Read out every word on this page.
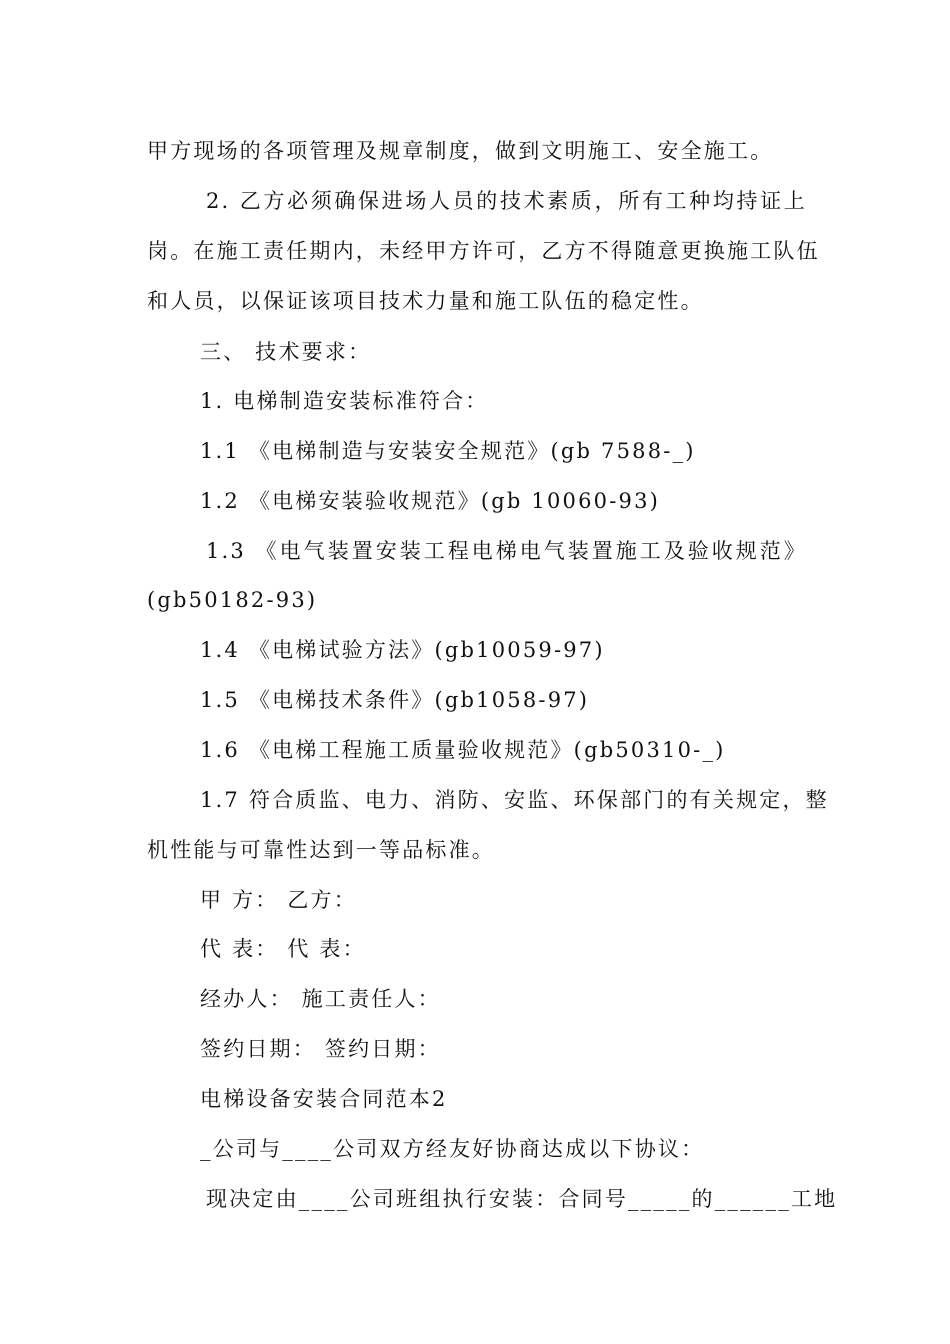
甲方现场的各项管理及规章制度，做到文明施工、安全施工。
2. 乙方必须确保进场人员的技术素质，所有工种均持证上
岗。在施工责任期内，未经甲方许可，乙方不得随意更换施工队伍
和人员，以保证该项目技术力量和施工队伍的稳定性。
三、 技术要求：
1. 电梯制造安装标准符合：
1.1 《电梯制造与安装安全规范》(gb 7588-_)
1.2 《电梯安装验收规范》(gb 10060-93)
1.3 《电气装置安装工程电梯电气装置施工及验收规范》
(gb50182-93)
1.4 《电梯试验方法》(gb10059-97)
1.5 《电梯技术条件》(gb1058-97)
1.6 《电梯工程施工质量验收规范》(gb50310-_)
1.7 符合质监、电力、消防、安监、环保部门的有关规定，整
机性能与可靠性达到一等品标准。
甲 方： 乙方：
代 表： 代 表：
经办人： 施工责任人：
签约日期： 签约日期：
电梯设备安装合同范本2
_公司与____公司双方经友好协商达成以下协议：
现决定由____公司班组执行安装：合同号_____的______工地
